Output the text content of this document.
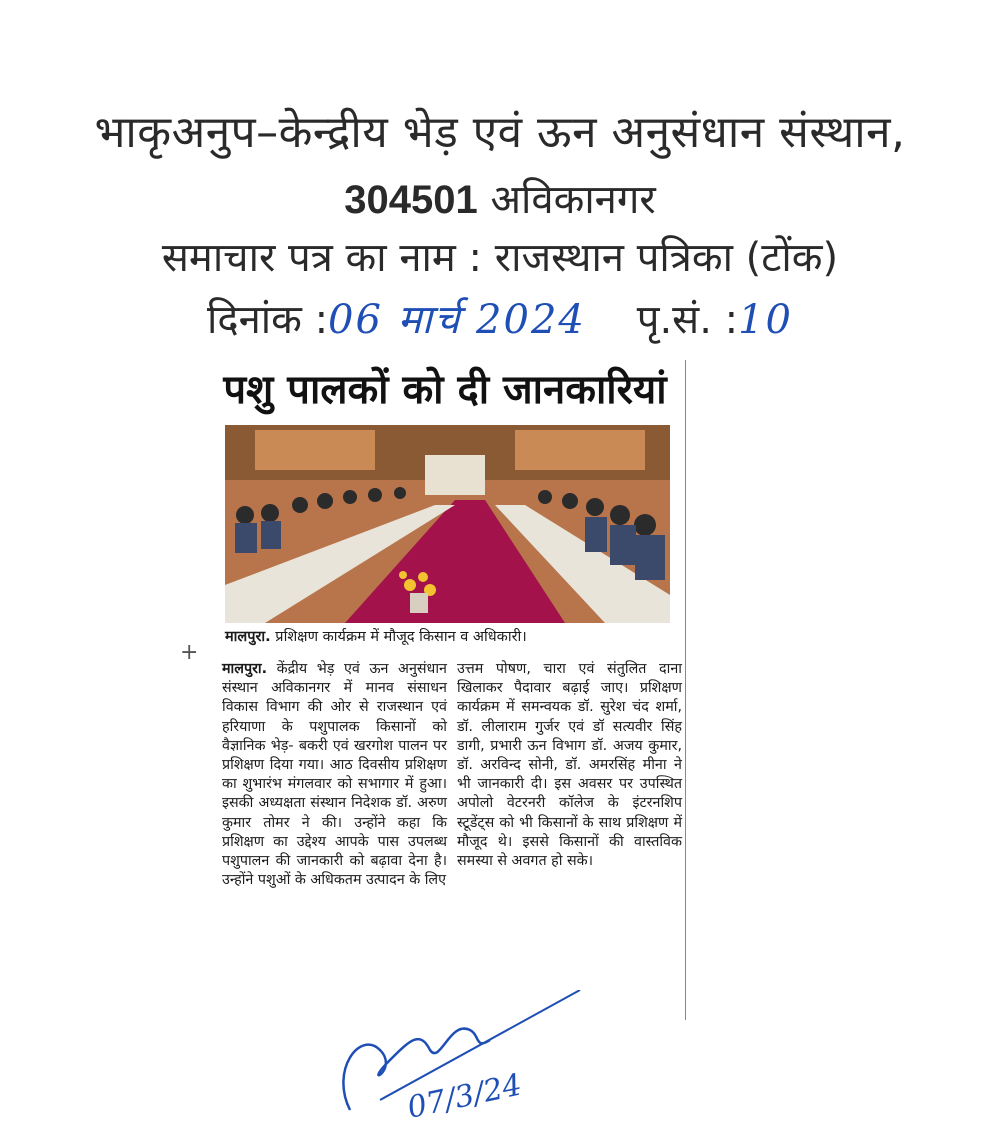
भाकृअनुप–केन्द्रीय भेड़ एवं ऊन अनुसंधान संस्थान,
304501 अविकानगर
समाचार पत्र का नाम : राजस्थान पत्रिका (टोंक)
दिनांक :06 मार्च 2024 पृ.सं. :10
पशु पालकों को दी जानकारियां
मालपुरा. प्रशिक्षण कार्यक्रम में मौजूद किसान व अधिकारी।
+
मालपुरा. केंद्रीय भेड़ एवं ऊन अनुसंधान संस्थान अविकानगर में मानव संसाधन विकास विभाग की ओर से राजस्थान एवं हरियाणा के पशुपालक किसानों को वैज्ञानिक भेड़- बकरी एवं खरगोश पालन पर प्रशिक्षण दिया गया। आठ दिवसीय प्रशिक्षण का शुभारंभ मंगलवार को सभागार में हुआ। इसकी अध्यक्षता संस्थान निदेशक डॉ. अरुण कुमार तोमर ने की। उन्होंने कहा कि प्रशिक्षण का उद्देश्य आपके पास उपलब्ध पशुपालन की जानकारी को बढ़ावा देना है। उन्होंने पशुओं के अधिकतम उत्पादन के लिए
उत्तम पोषण, चारा एवं संतुलित दाना खिलाकर पैदावार बढ़ाई जाए। प्रशिक्षण कार्यक्रम में समन्वयक डॉ. सुरेश चंद शर्मा, डॉ. लीलाराम गुर्जर एवं डॉ सत्यवीर सिंह डागी, प्रभारी ऊन विभाग डॉ. अजय कुमार, डॉ. अरविन्द सोनी, डॉ. अमरसिंह मीना ने भी जानकारी दी। इस अवसर पर उपस्थित अपोलो वेटरनरी कॉलेज के इंटरनशिप स्टूडेंट्स को भी किसानों के साथ प्रशिक्षण में मौजूद थे। इससे किसानों की वास्तविक समस्या से अवगत हो सके।
07/3/24
